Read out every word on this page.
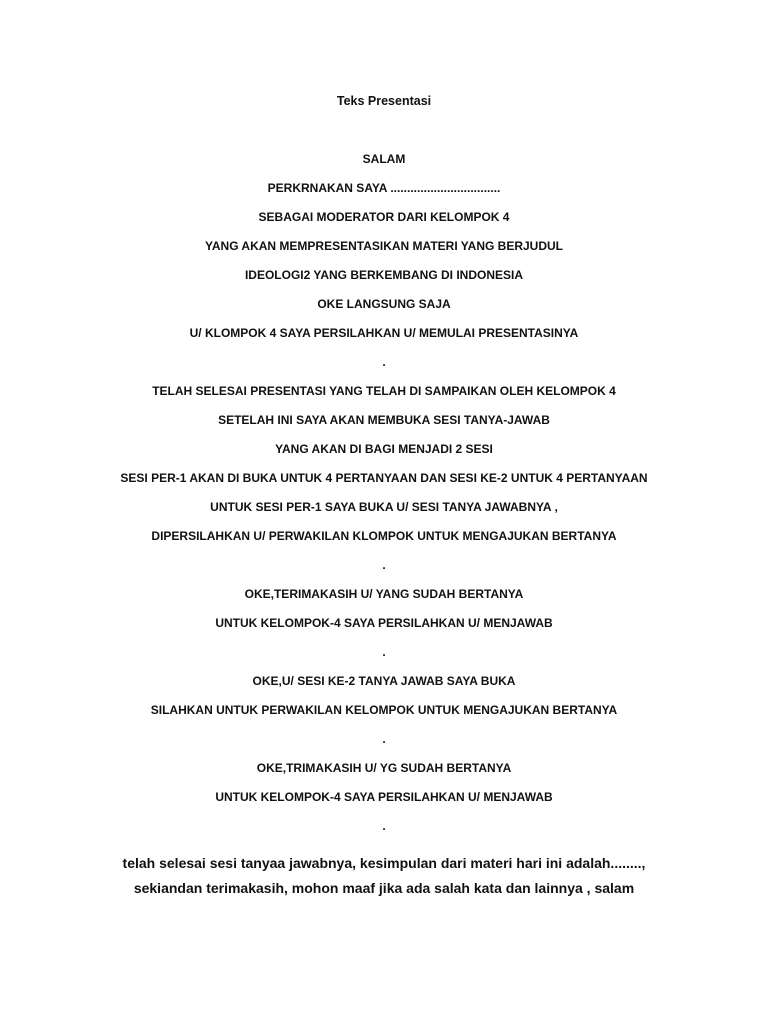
Teks Presentasi
SALAM
PERKRNAKAN SAYA .................................
SEBAGAI MODERATOR DARI KELOMPOK 4
YANG AKAN MEMPRESENTASIKAN MATERI YANG BERJUDUL
IDEOLOGI2 YANG BERKEMBANG DI INDONESIA
OKE LANGSUNG SAJA
U/ KLOMPOK 4 SAYA PERSILAHKAN U/ MEMULAI PRESENTASINYA
.
TELAH SELESAI PRESENTASI YANG TELAH DI SAMPAIKAN OLEH KELOMPOK 4
SETELAH INI SAYA AKAN MEMBUKA SESI TANYA-JAWAB
YANG AKAN DI BAGI MENJADI 2 SESI
SESI PER-1 AKAN DI BUKA UNTUK 4 PERTANYAAN DAN SESI KE-2 UNTUK 4 PERTANYAAN
UNTUK SESI PER-1 SAYA BUKA U/ SESI TANYA JAWABNYA ,
DIPERSILAHKAN U/ PERWAKILAN KLOMPOK UNTUK MENGAJUKAN BERTANYA
.
OKE,TERIMAKASIH U/ YANG SUDAH BERTANYA
UNTUK KELOMPOK-4 SAYA PERSILAHKAN U/ MENJAWAB
.
OKE,U/ SESI KE-2 TANYA JAWAB SAYA BUKA
SILAHKAN UNTUK PERWAKILAN KELOMPOK UNTUK MENGAJUKAN BERTANYA
.
OKE,TRIMAKASIH U/ YG SUDAH BERTANYA
UNTUK KELOMPOK-4 SAYA PERSILAHKAN U/ MENJAWAB
.
telah selesai sesi tanyaa jawabnya, kesimpulan dari materi hari ini adalah........,
sekiandan terimakasih, mohon maaf jika ada salah kata dan lainnya , salam
